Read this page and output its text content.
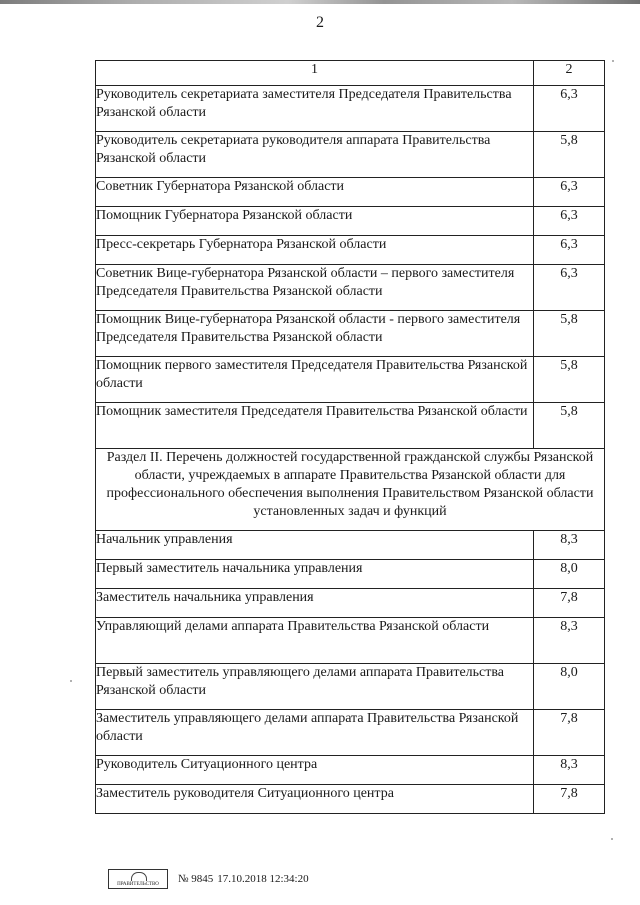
2
1	2
Руководитель секретариата заместителя Председателя Правительства Рязанской области	6,3
Руководитель секретариата руководителя аппарата Правительства Рязанской области	5,8
Советник Губернатора Рязанской области	6,3
Помощник Губернатора Рязанской области	6,3
Пресс-секретарь Губернатора Рязанской области	6,3
Советник Вице-губернатора Рязанской области – первого заместителя Председателя Правительства Рязанской области	6,3
Помощник Вице-губернатора Рязанской области - первого заместителя Председателя Правительства Рязанской области	5,8
Помощник первого заместителя Председателя Правительства Рязанской области	5,8
Помощник заместителя Председателя Правительства Рязанской области	5,8
Раздел II. Перечень должностей государственной гражданской службы Рязанской области, учреждаемых в аппарате Правительства Рязанской области для профессионального обеспечения выполнения Правительством Рязанской области установленных задач и функций	
Начальник управления	8,3
Первый заместитель начальника управления	8,0
Заместитель начальника управления	7,8
Управляющий делами аппарата Правительства Рязанской области	8,3
Первый заместитель управляющего делами аппарата Правительства Рязанской области	8,0
Заместитель управляющего делами аппарата Правительства Рязанской области	7,8
Руководитель Ситуационного центра	8,3
Заместитель руководителя Ситуационного центра	7,8
ПРАВИТЕЛЬСТВО № 9845 17.10.2018 12:34:20
